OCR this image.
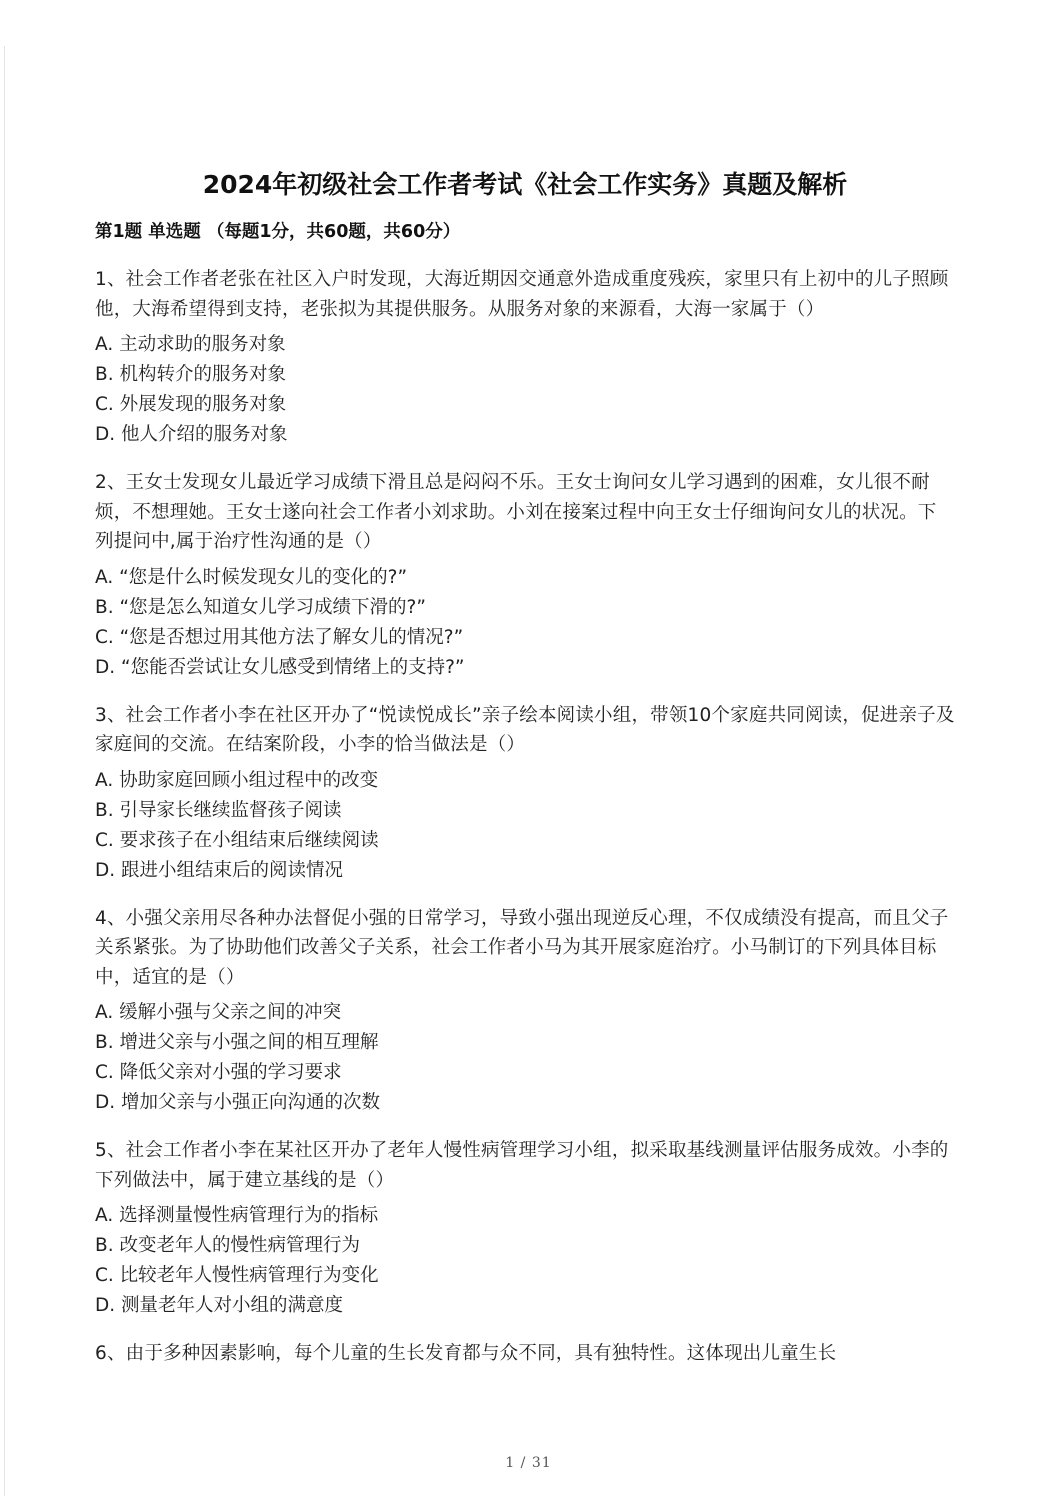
2024年初级社会工作者考试《社会工作实务》真题及解析
第1题 单选题 （每题1分，共60题，共60分）
1、社会工作者老张在社区入户时发现，大海近期因交通意外造成重度残疾，家里只有上初中的儿子照顾他，大海希望得到支持，老张拟为其提供服务。从服务对象的来源看，大海一家属于（）
A. 主动求助的服务对象
B. 机构转介的服务对象
C. 外展发现的服务对象
D. 他人介绍的服务对象
2、王女士发现女儿最近学习成绩下滑且总是闷闷不乐。王女士询问女儿学习遇到的困难，女儿很不耐烦，不想理她。王女士遂向社会工作者小刘求助。小刘在接案过程中向王女士仔细询问女儿的状况。下列提问中,属于治疗性沟通的是（）
A. “您是什么时候发现女儿的变化的?”
B. “您是怎么知道女儿学习成绩下滑的?”
C. “您是否想过用其他方法了解女儿的情况?”
D. “您能否尝试让女儿感受到情绪上的支持?”
3、社会工作者小李在社区开办了“悦读悦成长”亲子绘本阅读小组，带领10个家庭共同阅读，促进亲子及家庭间的交流。在结案阶段，小李的恰当做法是（）
A. 协助家庭回顾小组过程中的改变
B. 引导家长继续监督孩子阅读
C. 要求孩子在小组结束后继续阅读
D. 跟进小组结束后的阅读情况
4、小强父亲用尽各种办法督促小强的日常学习，导致小强出现逆反心理，不仅成绩没有提高，而且父子关系紧张。为了协助他们改善父子关系，社会工作者小马为其开展家庭治疗。小马制订的下列具体目标中，适宜的是（）
A. 缓解小强与父亲之间的冲突
B. 增进父亲与小强之间的相互理解
C. 降低父亲对小强的学习要求
D. 增加父亲与小强正向沟通的次数
5、社会工作者小李在某社区开办了老年人慢性病管理学习小组，拟采取基线测量评估服务成效。小李的下列做法中，属于建立基线的是（）
A. 选择测量慢性病管理行为的指标
B. 改变老年人的慢性病管理行为
C. 比较老年人慢性病管理行为变化
D. 测量老年人对小组的满意度
6、由于多种因素影响，每个儿童的生长发育都与众不同，具有独特性。这体现出儿童生长
1 / 31
